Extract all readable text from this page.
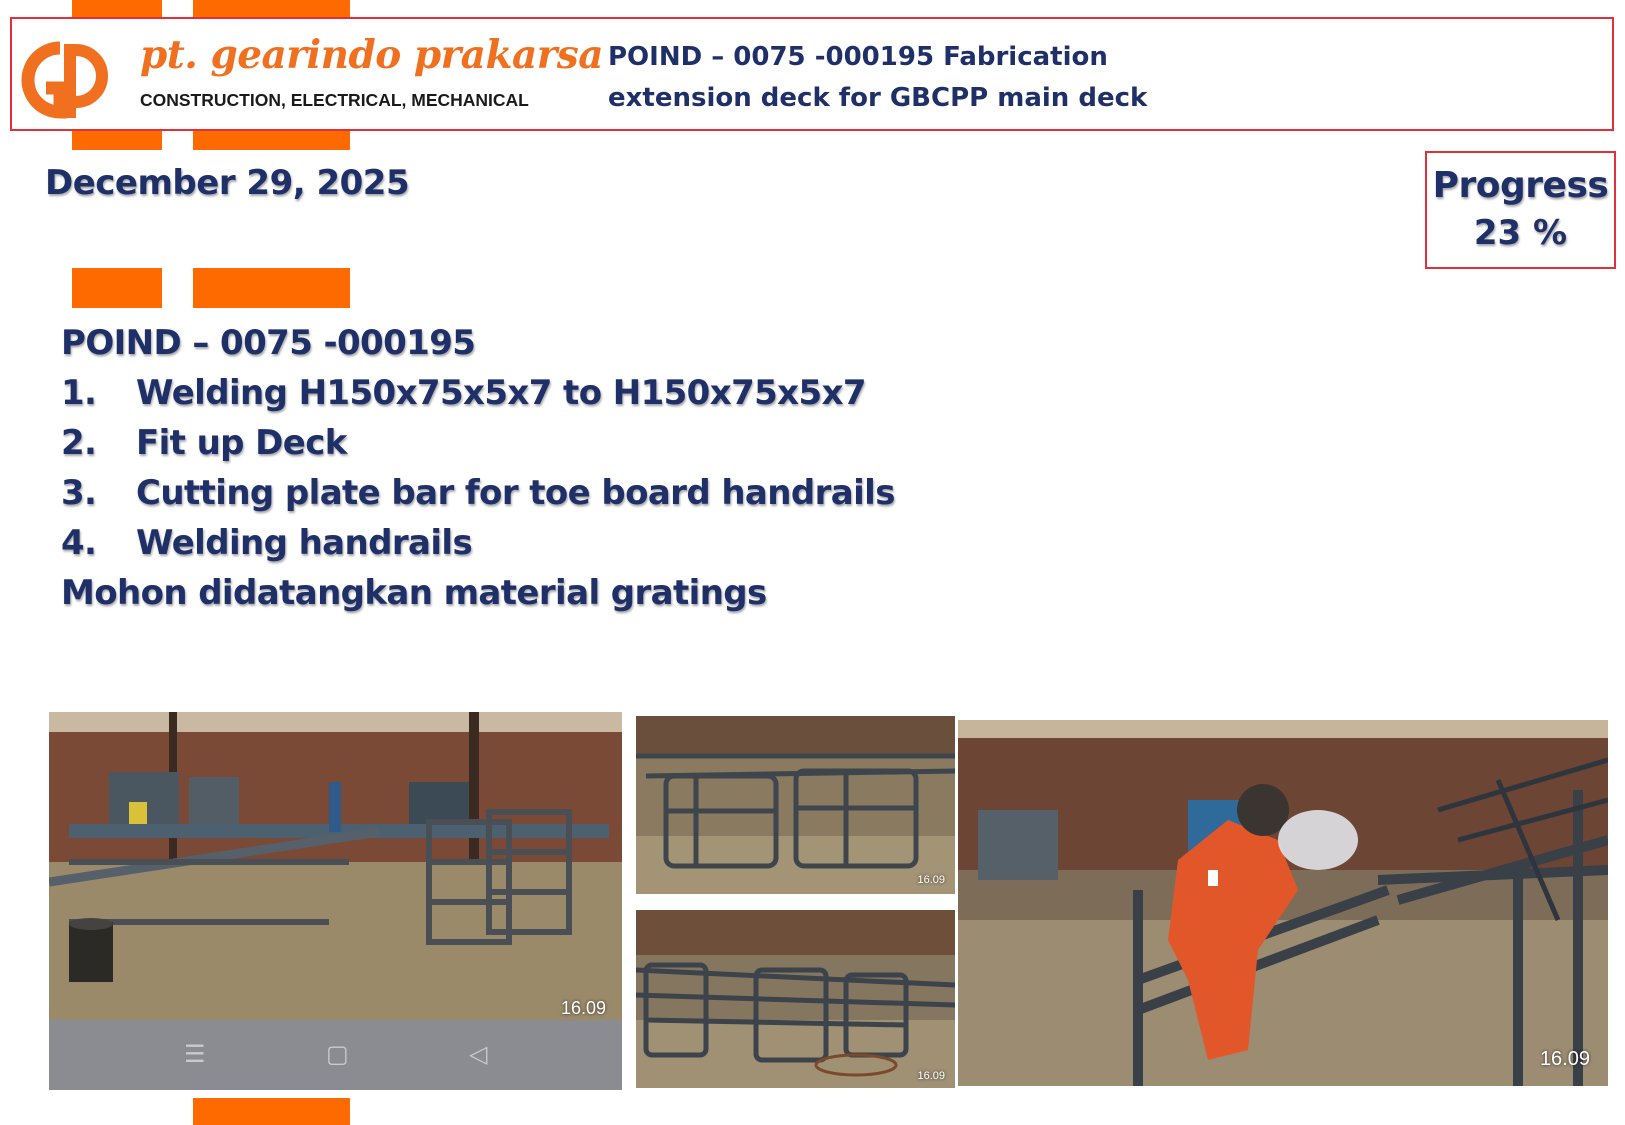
pt. gearindo prakarsa
CONSTRUCTION, ELECTRICAL, MECHANICAL
POIND – 0075 -000195 Fabrication
extension deck for GBCPP main deck
December 29, 2025	Progress
23 %
POIND – 0075 -000195
1. Welding H150x75x5x7 to H150x75x5x7
2. Fit up Deck
3. Cutting plate bar for toe board handrails
4. Welding handrails
Mohon didatangkan material gratings
16.09
☰	▢	◁
16.09
16.09
16.09
